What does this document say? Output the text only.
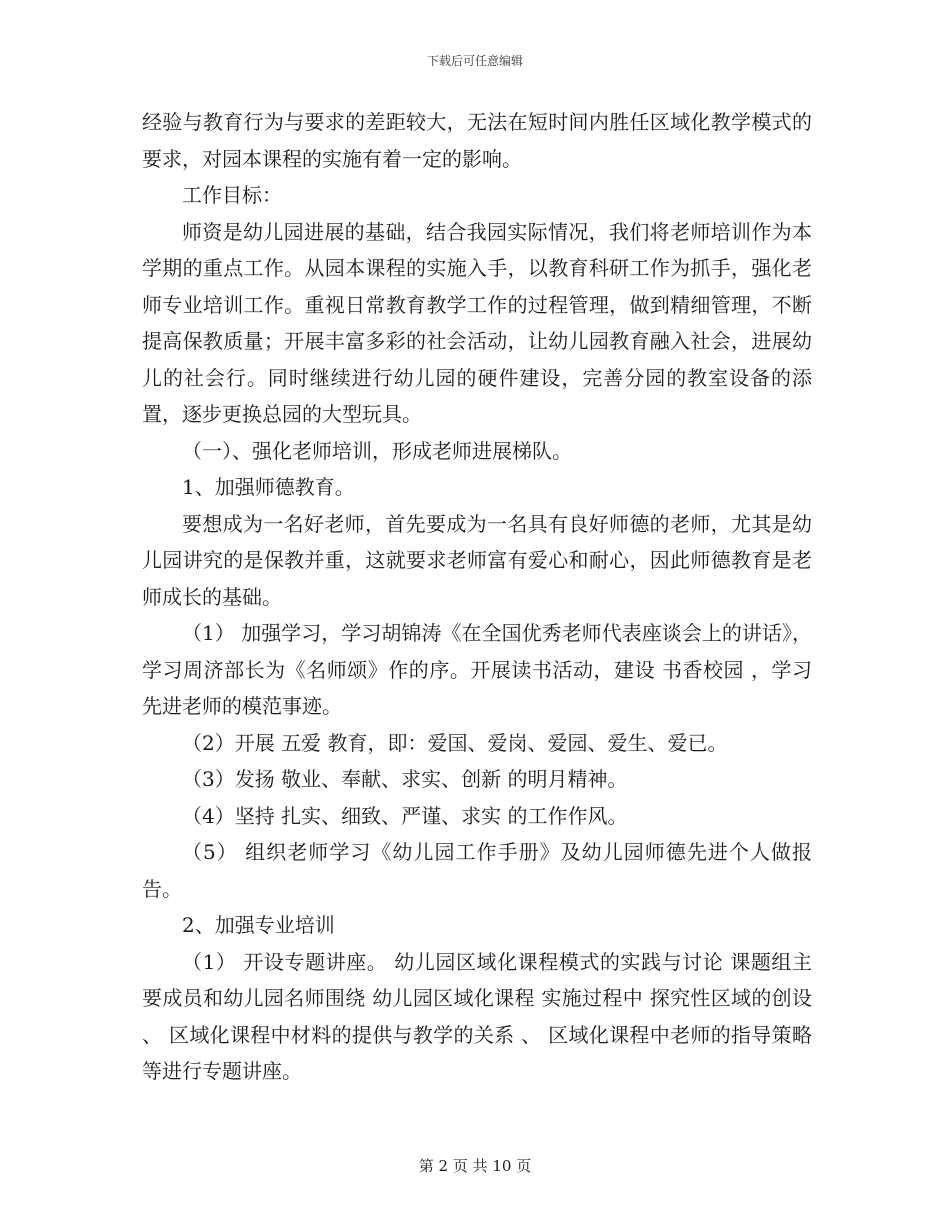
下载后可任意编辑

经验与教育行为与要求的差距较大，无法在短时间内胜任区域化教学模式的要求，对园本课程的实施有着一定的影响。

工作目标：

师资是幼儿园进展的基础，结合我园实际情况，我们将老师培训作为本学期的重点工作。从园本课程的实施入手，以教育科研工作为抓手，强化老师专业培训工作。重视日常教育教学工作的过程管理，做到精细管理，不断提高保教质量；开展丰富多彩的社会活动，让幼儿园教育融入社会，进展幼儿的社会行。同时继续进行幼儿园的硬件建设，完善分园的教室设备的添置，逐步更换总园的大型玩具。

（一）、强化老师培训，形成老师进展梯队。

1、加强师德教育。

要想成为一名好老师，首先要成为一名具有良好师德的老师，尤其是幼儿园讲究的是保教并重，这就要求老师富有爱心和耐心，因此师德教育是老师成长的基础。

（1） 加强学习，学习胡锦涛《在全国优秀老师代表座谈会上的讲话》，学习周济部长为《名师颂》作的序。开展读书活动，建设 书香校园 ，学习先进老师的模范事迹。

（2）开展 五爱 教育，即：爱国、爱岗、爱园、爱生、爱已。

（3）发扬 敬业、奉献、求实、创新 的明月精神。

（4）坚持 扎实、细致、严谨、求实 的工作作风。

（5） 组织老师学习《幼儿园工作手册》及幼儿园师德先进个人做报告。

2、加强专业培训

（1） 开设专题讲座。 幼儿园区域化课程模式的实践与讨论 课题组主要成员和幼儿园名师围绕 幼儿园区域化课程 实施过程中 探究性区域的创设 、 区域化课程中材料的提供与教学的关系 、 区域化课程中老师的指导策略 等进行专题讲座。

第 2 页 共 10 页
